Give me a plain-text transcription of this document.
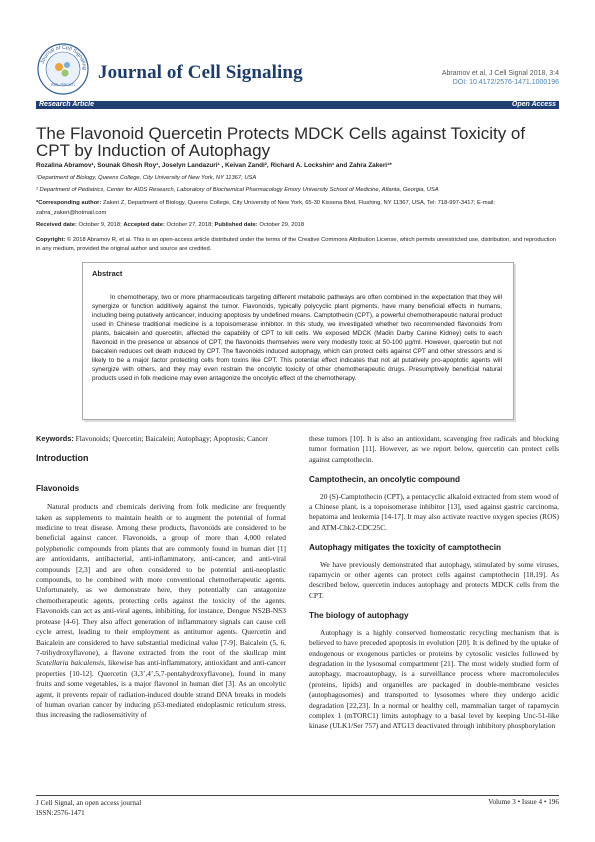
Journal of Cell Signaling
ISSN: 2576-1471
Journal of Cell Signaling	Abramov et al, J Cell Signal 2018, 3:4
DOI: 10.4172/2576-1471.1000196
Research Article	Open Access
The Flavonoid Quercetin Protects MDCK Cells against Toxicity of CPT by Induction of Autophagy
Rozalina Abramov¹, Sounak Ghosh Roy¹, Joselyn Landazuri¹ , Keivan Zandi², Richard A. Lockshin¹ and Zahra Zakeri¹*
¹Department of Biology, Queens College, City University of New York, NY 11367, USA
² Department of Pediatrics, Center for AIDS Research, Laboratory of Biochemical Pharmacology Emory University School of Medicine, Atlanta, Georgia, USA
*Corresponding author: Zakeri Z, Department of Biology, Queens College, City University of New York, 65-30 Kissena Blvd, Flushing, NY 11367, USA, Tel: 718-997-3417; E-mail: zahra_zakeri@hotmail.com
Received date: October 9, 2018; Accepted date: October 27, 2018; Published date: October 29, 2018
Copyright: © 2018 Abramov R, et al. This is an open-access article distributed under the terms of the Creative Commons Attribution License, which permits unrestricted use, distribution, and reproduction in any medium, provided the original author and source are credited.
Abstract
In chemotherapy, two or more pharmaceuticals targeting different metabolic pathways are often combined in the expectation that they will synergize or function additively against the tumor. Flavonoids, typically polycyclic plant pigments, have many beneficial effects in humans, including being putatively anticancer, inducing apoptosis by undefined means. Camptothecin (CPT), a powerful chemotherapeutic natural product used in Chinese traditional medicine is a topoisomerase inhibitor. In this study, we investigated whether two recommended flavonoids from plants, baicalein and quercetin, affected the capability of CPT to kill cells. We exposed MDCK (Madin Darby Canine Kidney) cells to each flavonoid in the presence or absence of CPT; the flavonoids themselves were very modestly toxic at 50-100 µg/ml. However, quercetin but not baicalein reduces cell death induced by CPT. The flavonoids induced autophagy, which can protect cells against CPT and other stressors and is likely to be a major factor protecting cells from toxins like CPT. This potential effect indicates that not all putatively pro-apoptotic agents will synergize with others, and they may even restrain the oncolytic toxicity of other chemotherapeutic drugs. Presumptively beneficial natural products used in folk medicine may even antagonize the oncolytic effect of the chemotherapy.
Keywords: Flavonoids; Quercetin; Baicalein; Autophagy; Apoptosis; Cancer
Introduction
Flavonoids
Natural products and chemicals deriving from folk medicine are frequently taken as supplements to maintain health or to augment the potential of formal medicine to treat disease. Among these products, flavonoids are considered to be beneficial against cancer. Flavonoids, a group of more than 4,000 related polyphenolic compounds from plants that are commonly found in human diet [1] are antioxidants, antibacterial, anti-inflammatory, anti-cancer, and anti-viral compounds [2,3] and are often considered to be potential anti-neoplastic compounds, to be combined with more conventional chemotherapeutic agents. Unfortunately, as we demonstrate here, they potentially can antagonize chemotherapeutic agents, protecting cells against the toxicity of the agents. Flavonoids can act as anti-viral agents, inhibiting, for instance, Dengue NS2B-NS3 protease [4-6]. They also affect generation of inflammatory signals can cause cell cycle arrest, leading to their employment as antitumor agents. Quercetin and Baicalein are considered to have substantial medicinal value [7-9]. Baicalein (5, 6, 7-trihydroxyflavone), a flavone extracted from the root of the skullcap mint Scutellaria baicalensis, likewise has anti-inflammatory, antioxidant and anti-cancer properties [10-12]. Quercetin (3,3’,4’,5,7-pentahydroxyflavone), found in many fruits and some vegetables, is a major flavonol in human diet [3]. As an oncolytic agent, it prevents repair of radiation-induced double strand DNA breaks in models of human ovarian cancer by inducing p53-mediated endoplasmic reticulum stress, thus increasing the radiosensitivity of
these tumors [10]. It is also an antioxidant, scavenging free radicals and blocking tumor formation [11]. However, as we report below, quercetin can protect cells against camptothecin.
Camptothecin, an oncolytic compound
20 (S)-Camptothecin (CPT), a pentacyclic alkaloid extracted from stem wood of a Chinese plant, is a topoisomerase inhibitor [13], used against gastric carcinoma, hepatoma and leukemia [14-17]. It may also activate reactive oxygen species (ROS) and ATM-Chk2-CDC25C.
Autophagy mitigates the toxicity of camptothecin
We have previously demonstrated that autophagy, stimulated by some viruses, rapamycin or other agents can protect cells against camptothecin [18,19]. As described below, quercetin induces autophagy and protects MDCK cells from the CPT.
The biology of autophagy
Autophagy is a highly conserved homeostatic recycling mechanism that is believed to have preceded apoptosis in evolution [20]. It is defined by the uptake of endogenous or exogenous particles or proteins by cytosolic vesicles followed by degradation in the lysosomal compartment [21]. The most widely studied form of autophagy, macroautophagy, is a surveillance process where macromolecules (proteins, lipids) and organelles are packaged in double-membrane vesicles (autophagosomes) and transported to lysosomes where they undergo acidic degradation [22,23]. In a normal or healthy cell, mammalian target of rapamycin complex 1 (mTORC1) limits autophagy to a basal level by keeping Unc-51-like kinase (ULK1/Ser 757) and ATG13 deactivated through inhibitory phosphorylation
J Cell Signal, an open access journal
ISSN:2576-1471
Volume 3 • Issue 4 • 196
